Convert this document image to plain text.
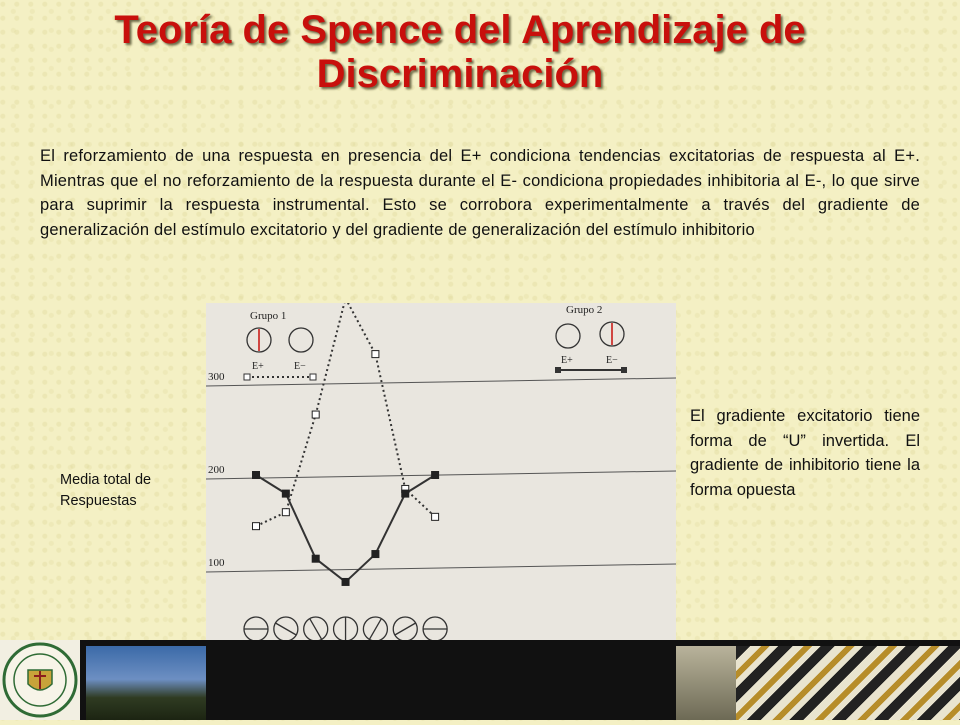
Teoría de Spence del Aprendizaje de Discriminación
El reforzamiento de una respuesta en presencia del E+ condiciona tendencias excitatorias de respuesta al E+. Mientras que el no reforzamiento de la respuesta durante el E- condiciona propiedades inhibitoria al E-, lo que sirve para suprimir la respuesta instrumental. Esto se corrobora experimentalmente a través del gradiente de generalización del estímulo excitatorio y del gradiente de generalización del estímulo inhibitorio
Media total de Respuestas
100
200
300
Grupo 1
E+	E−
Grupo 2
E+	E−
El gradiente excitatorio tiene forma de “U” invertida. El gradiente de inhibitorio tiene la forma opuesta
